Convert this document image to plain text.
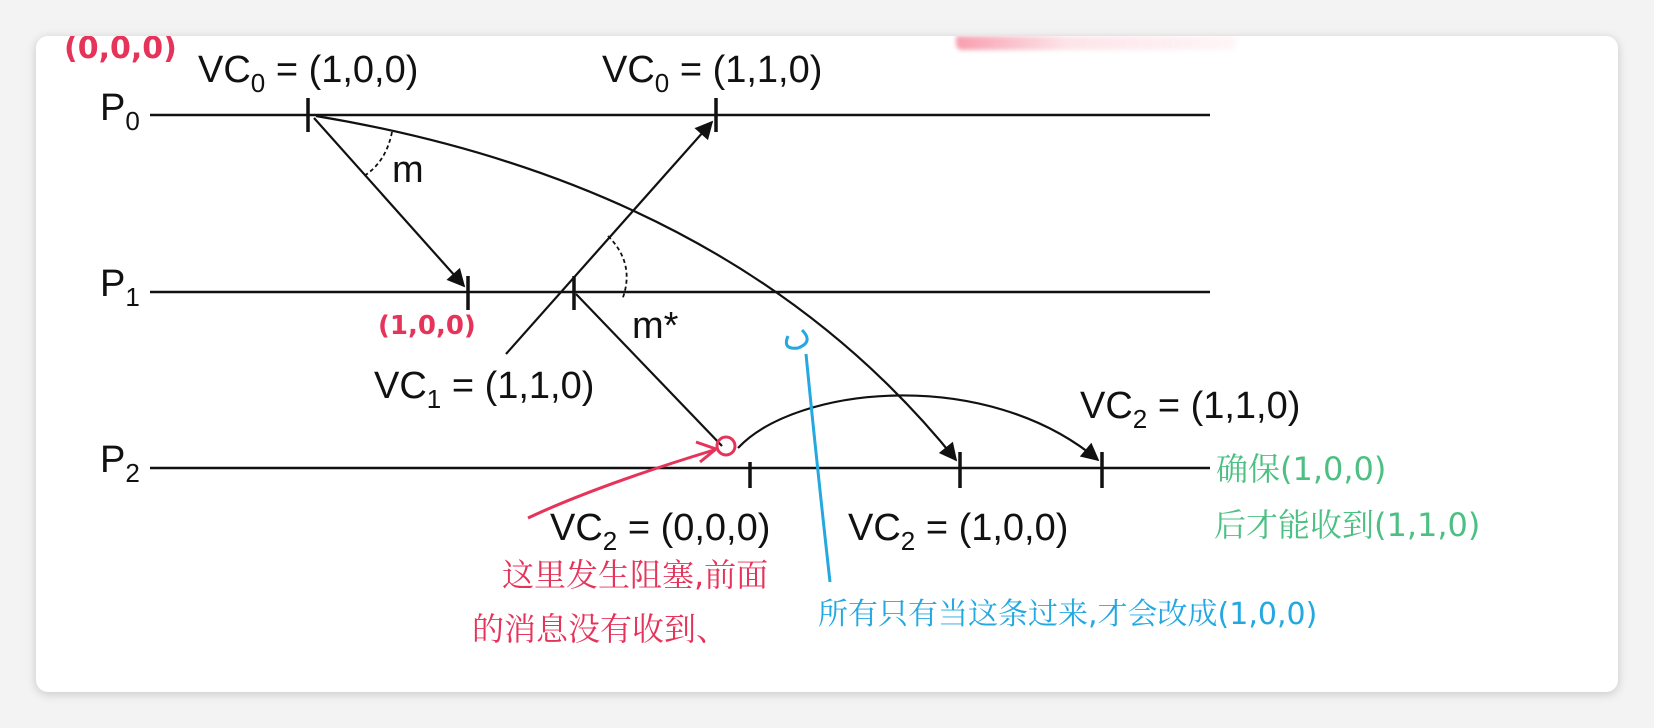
$P_0$
$P_1$
$P_2$
$VC_0 = (1,0,0)$	$VC_0 = (1,1,0)$
$VC_1 = (1,1,0)$
$VC_2 = (0,0,0) VC_2 = (1,0,0)$
$VC_2 = (1,1,0)$
m
m*
(0,0,0)
(1,0,0)
这里发生阻塞,前面
的消息没有收到、	所有只有当这条过来,才会改成(1,0,0)
确保(1,0,0)
后才能收到(1,1,0)
